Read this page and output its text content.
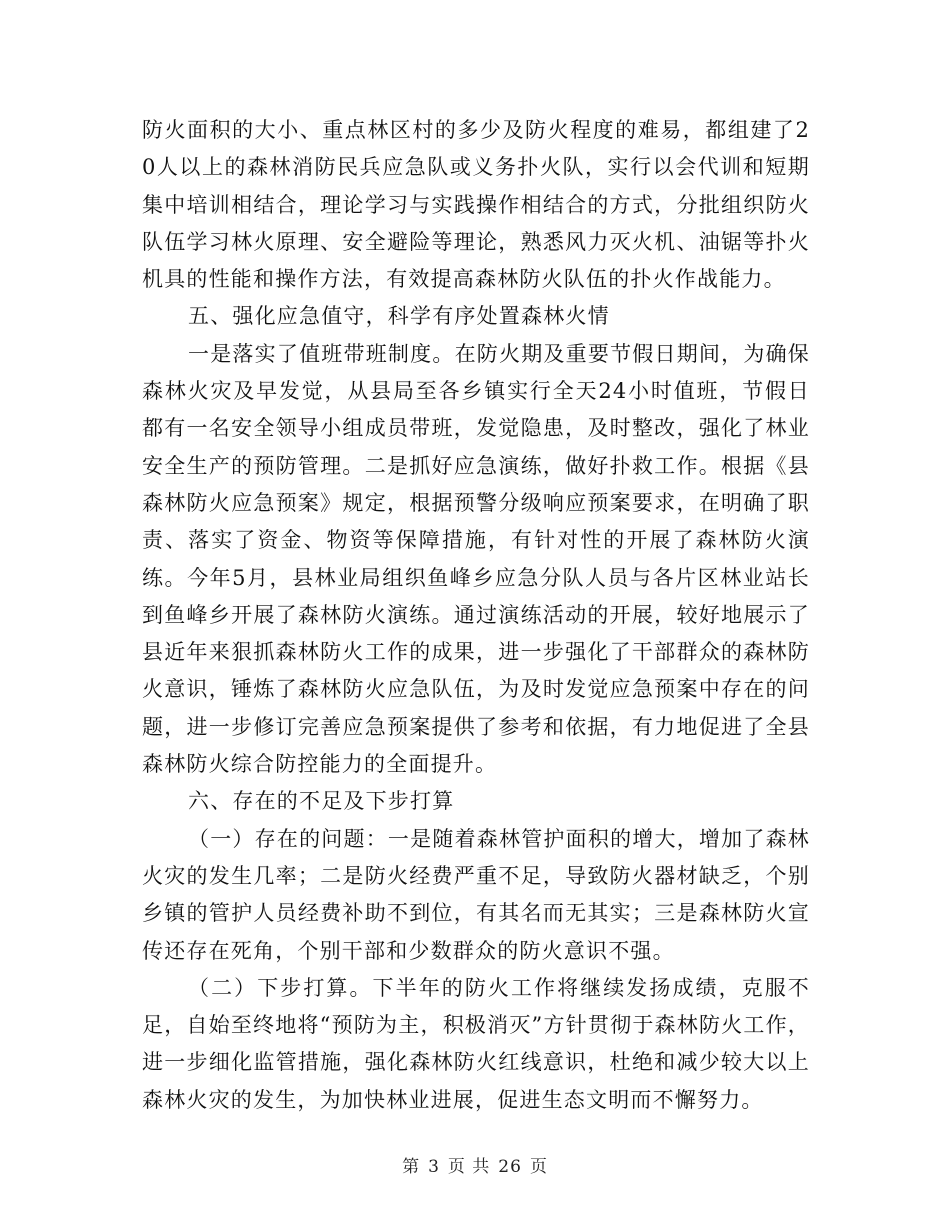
防火面积的大小、重点林区村的多少及防火程度的难易，都组建了20人以上的森林消防民兵应急队或义务扑火队，实行以会代训和短期集中培训相结合，理论学习与实践操作相结合的方式，分批组织防火队伍学习林火原理、安全避险等理论，熟悉风力灭火机、油锯等扑火机具的性能和操作方法，有效提高森林防火队伍的扑火作战能力。

五、强化应急值守，科学有序处置森林火情

一是落实了值班带班制度。在防火期及重要节假日期间，为确保森林火灾及早发觉，从县局至各乡镇实行全天24小时值班，节假日都有一名安全领导小组成员带班，发觉隐患，及时整改，强化了林业安全生产的预防管理。二是抓好应急演练，做好扑救工作。根据《县森林防火应急预案》规定，根据预警分级响应预案要求，在明确了职责、落实了资金、物资等保障措施，有针对性的开展了森林防火演练。今年5月，县林业局组织鱼峰乡应急分队人员与各片区林业站长到鱼峰乡开展了森林防火演练。通过演练活动的开展，较好地展示了县近年来狠抓森林防火工作的成果，进一步强化了干部群众的森林防火意识，锤炼了森林防火应急队伍，为及时发觉应急预案中存在的问题，进一步修订完善应急预案提供了参考和依据，有力地促进了全县森林防火综合防控能力的全面提升。

六、存在的不足及下步打算

（一）存在的问题：一是随着森林管护面积的增大，增加了森林火灾的发生几率；二是防火经费严重不足，导致防火器材缺乏，个别乡镇的管护人员经费补助不到位，有其名而无其实；三是森林防火宣传还存在死角，个别干部和少数群众的防火意识不强。

（二）下步打算。下半年的防火工作将继续发扬成绩，克服不足，自始至终地将“预防为主，积极消灭”方针贯彻于森林防火工作，进一步细化监管措施，强化森林防火红线意识，杜绝和减少较大以上森林火灾的发生，为加快林业进展，促进生态文明而不懈努力。

第 3 页 共 26 页
